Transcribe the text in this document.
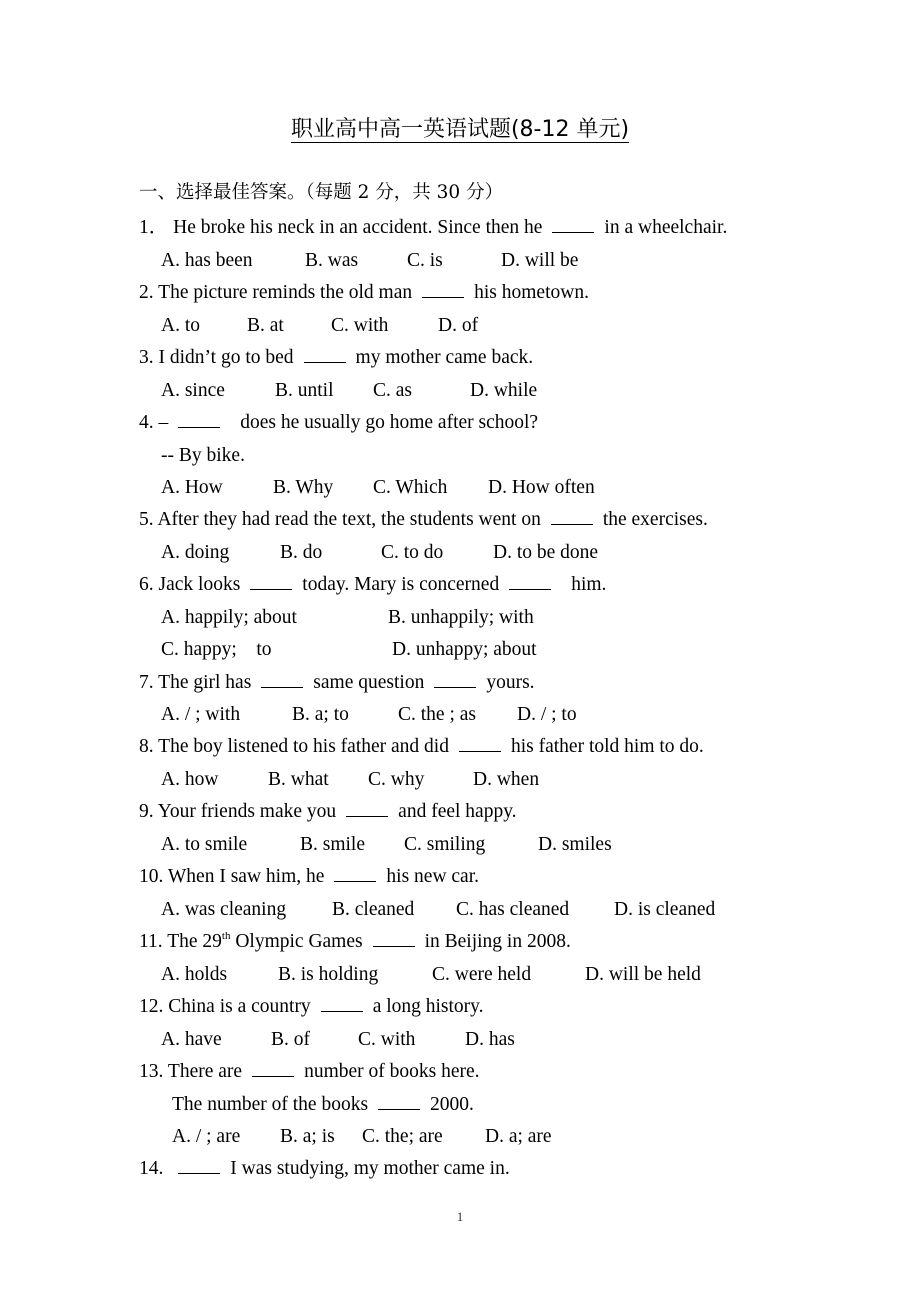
职业高中高一英语试题(8-12 单元)
一、选择最佳答案。（每题 2 分，共 30 分）
1． He broke his neck in an accident. Since then he	in a wheelchair.
A. has been	B. was	C. is	D. will be
2. The picture reminds the old man	his hometown.
A. to B. at C. with	D. of
3. I didn’t go to bed	my mother came back.
A. since	B. until C. as	D. while
4. –	does he usually go home after school?
-- By bike.
A. How	B. Why C. Which D. How often
5. After they had read the text, the students went on	the exercises.
A. doing	B. do	C. to do	D. to be done
6. Jack looks	today. Mary is concerned	him.
A. happily; about	B. unhappily; with
C. happy;    to	D. unhappy; about
7. The girl has	same question	yours.
A. / ; with	B. a; to	C. the ; as D. / ; to
8. The boy listened to his father and did	his father told him to do.
A. how	B. what C. why D. when
9. Your friends make you	and feel happy.
A. to smile	B. smile C. smiling	D. smiles
10. When I saw him, he	his new car.
A. was cleaning B. cleaned C. has cleaned D. is cleaned
11. The 29th Olympic Games	in Beijing in 2008.
A. holds	B. is holding	C. were held	D. will be held
12. China is a country	a long history.
A. have	B. of C. with	D. has
13. There are	number of books here.
The number of the books	2000.
A. / ; are B. a; is C. the; are D. a; are
14.	I was studying, my mother came in.
1
